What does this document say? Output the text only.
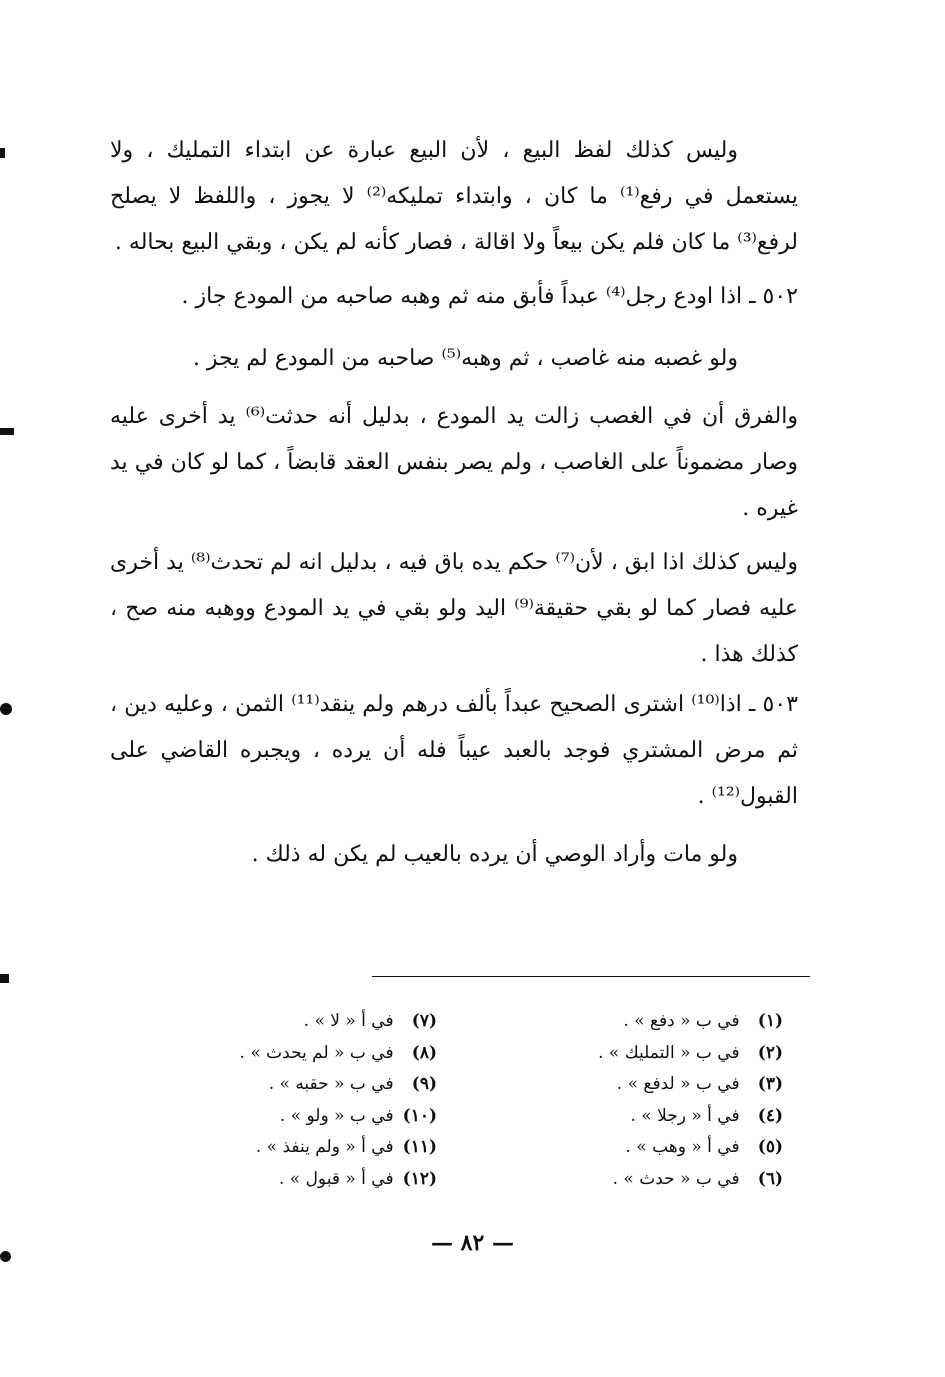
وليس كذلك لفظ البيع ، لأن البيع عبارة عن ابتداء التمليك ، ولا يستعمل في رفع⁽¹⁾ ما كان ، وابتداء تمليكه⁽²⁾ لا يجوز ، واللفظ لا يصلح لرفع⁽³⁾ ما كان فلم يكن بيعاً ولا اقالة ، فصار كأنه لم يكن ، وبقي البيع بحاله .

٥٠٢ ـ اذا اودع رجل⁽⁴⁾ عبداً فأبق منه ثم وهبه صاحبه من المودع جاز .

ولو غصبه منه غاصب ، ثم وهبه⁽⁵⁾ صاحبه من المودع لم يجز .

والفرق أن في الغصب زالت يد المودع ، بدليل أنه حدثت⁽⁶⁾ يد أخرى عليه وصار مضموناً على الغاصب ، ولم يصر بنفس العقد قابضاً ، كما لو كان في يد غيره .

وليس كذلك اذا ابق ، لأن⁽⁷⁾ حكم يده باق فيه ، بدليل انه لم تحدث⁽⁸⁾ يد أخرى عليه فصار كما لو بقي حقيقة⁽⁹⁾ اليد ولو بقي في يد المودع ووهبه منه صح ، كذلك هذا .

٥٠٣ ـ اذا⁽¹⁰⁾ اشترى الصحيح عبداً بألف درهم ولم ينقد⁽¹¹⁾ الثمن ، وعليه دين ، ثم مرض المشتري فوجد بالعبد عيباً فله أن يرده ، ويجبره القاضي على القبول⁽¹²⁾ .

ولو مات وأراد الوصي أن يرده بالعيب لم يكن له ذلك .

(١) في ب « دفع » .
(٢) في ب « التمليك » .
(٣) في ب « لدفع » .
(٤) في أ « رجلا » .
(٥) في أ « وهب » .
(٦) في ب « حدث » .
(٧) في أ « لا » .
(٨) في ب « لم يحدث » .
(٩) في ب « حقبه » .
(١٠) في ب « ولو » .
(١١) في أ « ولم ينفذ » .
(١٢) في أ « قبول » .
— ٨٢ —
